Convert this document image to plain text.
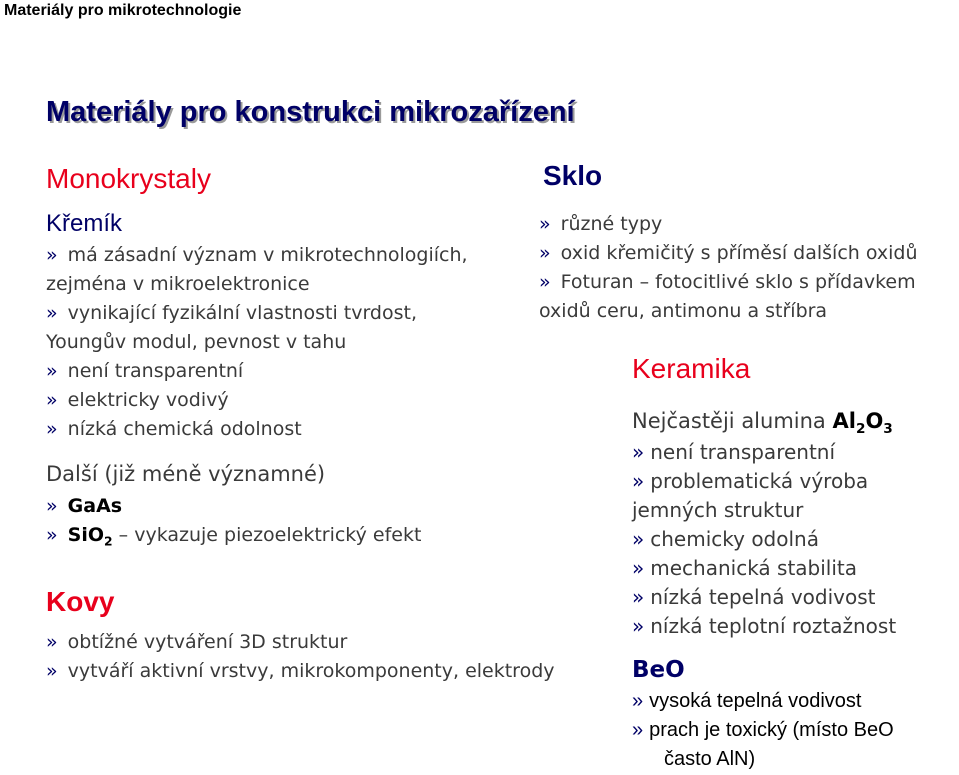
Materiály pro mikrotechnologie
Materiály pro konstrukci mikrozařízení
Monokrystaly
Křemík
» má zásadní význam v mikrotechnologiích,
zejména v mikroelektronice
» vynikající fyzikální vlastnosti tvrdost,
Youngův modul, pevnost v tahu
» není transparentní
» elektricky vodivý
» nízká chemická odolnost
Další (již méně významné)
» GaAs
» SiO$_2$ – vykazuje piezoelektrický efekt
Kovy
» obtížné vytváření 3D struktur
» vytváří aktivní vrstvy, mikrokomponenty, elektrody
Sklo
» různé typy
» oxid křemičitý s příměsí dalších oxidů
» Foturan – fotocitlivé sklo s přídavkem
oxidů ceru, antimonu a stříbra
Keramika
Nejčastěji alumina $Al_2O_3$
» není transparentní
» problematická výroba
jemných struktur
» chemicky odolná
» mechanická stabilita
» nízká tepelná vodivost
» nízká teplotní roztažnost
BeO
» vysoká tepelná vodivost
» prach je toxický (místo BeO
často AlN)
